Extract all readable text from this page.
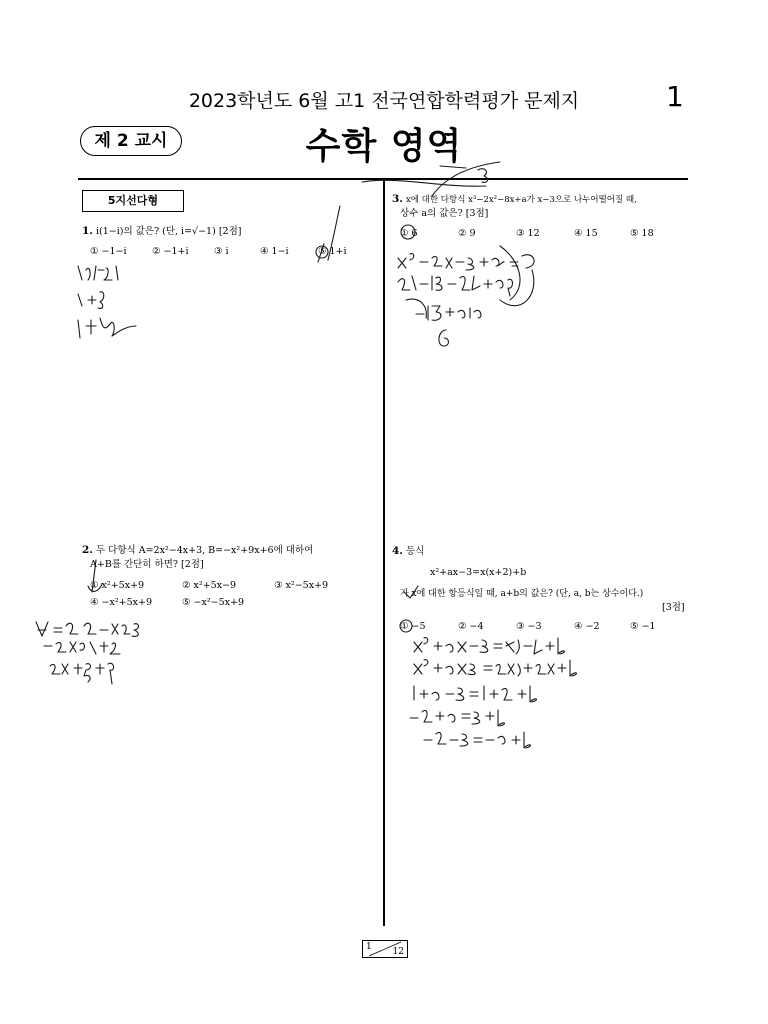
2023학년도 6월 고1 전국연합학력평가 문제지	1
제 2 교시	수학 영역
5지선다형
1. i(1−i)의 값은? (단, i=√−1) [2점]
① −1−i	② −1+i	③ i	④ 1−i	⑤ 1+i
2. 두 다항식 A=2x²−4x+3, B=−x²+9x+6에 대하여
A+B를 간단히 하면? [2점]
① x²+5x+9	② x²+5x−9	③ x²−5x+9
④ −x²+5x+9	⑤ −x²−5x+9
3. x에 대한 다항식 x³−2x²−8x+a가 x−3으로 나누어떨어질 때,
상수 a의 값은? [3점]
① 6	② 9	③ 12	④ 15	⑤ 18
4. 등식
x²+ax−3=x(x+2)+b
가 x에 대한 항등식일 때, a+b의 값은? (단, a, b는 상수이다.)
[3점]
① −5	② −4	③ −3	④ −2	⑤ −1
1 12
